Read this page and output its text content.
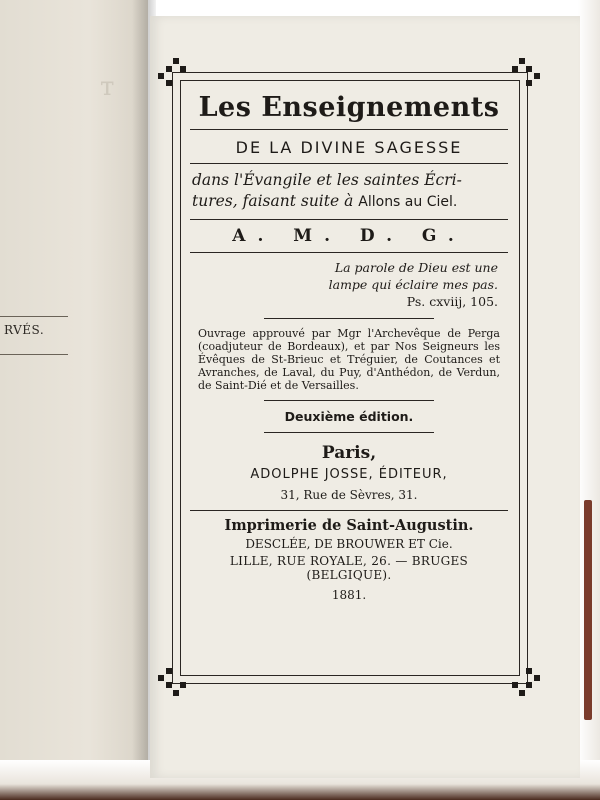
ᴛ
RVÉS.
Les Enseignements
DE LA DIVINE SAGESSE
dans l'Évangile et les saintes Écri-
tures, faisant suite à Allons au Ciel.
A. M. D. G.
La parole de Dieu est une
lampe qui éclaire mes pas.
Ps. cxviij, 105.
Ouvrage approuvé par Mgr l'Archevêque de Perga (coadjuteur de Bordeaux), et par Nos Seigneurs les Évêques de St-Brieuc et Tréguier, de Coutances et Avranches, de Laval, du Puy, d'Anthédon, de Verdun, de Saint-Dié et de Versailles.
Deuxième édition.
Paris,
ADOLPHE JOSSE, ÉDITEUR,
31, Rue de Sèvres, 31.
Imprimerie de Saint-Augustin.
DESCLÉE, DE BROUWER ET Cie.
LILLE, RUE ROYALE, 26. — BRUGES (BELGIQUE).
1881.
